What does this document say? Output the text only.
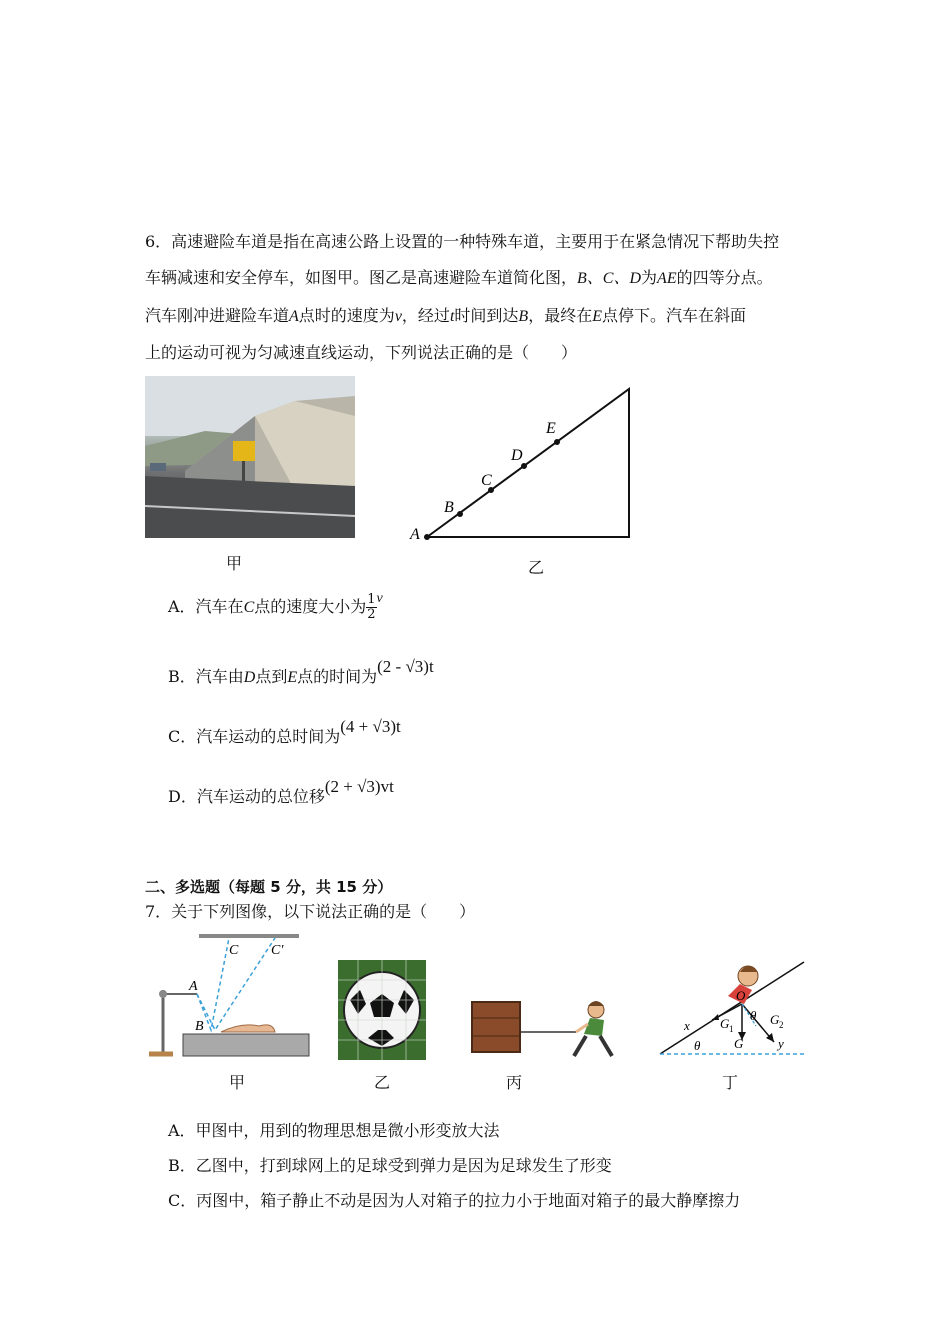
6．高速避险车道是指在高速公路上设置的一种特殊车道，主要用于在紧急情况下帮助失控
车辆减速和安全停车，如图甲。图乙是高速避险车道简化图，B、C、D为AE的四等分点。
汽车刚冲进避险车道A点时的速度为v，经过t时间到达B，最终在E点停下。汽车在斜面
上的运动可视为匀减速直线运动，下列说法正确的是（　　）
甲
A
B
C
D
E
乙
A．汽车在C点的速度大小为 $\frac{1}{2}$ v
B．汽车由D点到E点的时间为(2 - √3)t
C．汽车运动的总时间为(4 + √3)t
D．汽车运动的总位移(2 + √3)vt
二、多选题（每题 5 分，共 15 分）
7．关于下列图像，以下说法正确的是（　　）
C C′
A
B
甲	乙	丙
x
θ
G 1
G
G 2
θ
y
O
丁
A．甲图中，用到的物理思想是微小形变放大法
B．乙图中，打到球网上的足球受到弹力是因为足球发生了形变
C．丙图中，箱子静止不动是因为人对箱子的拉力小于地面对箱子的最大静摩擦力
